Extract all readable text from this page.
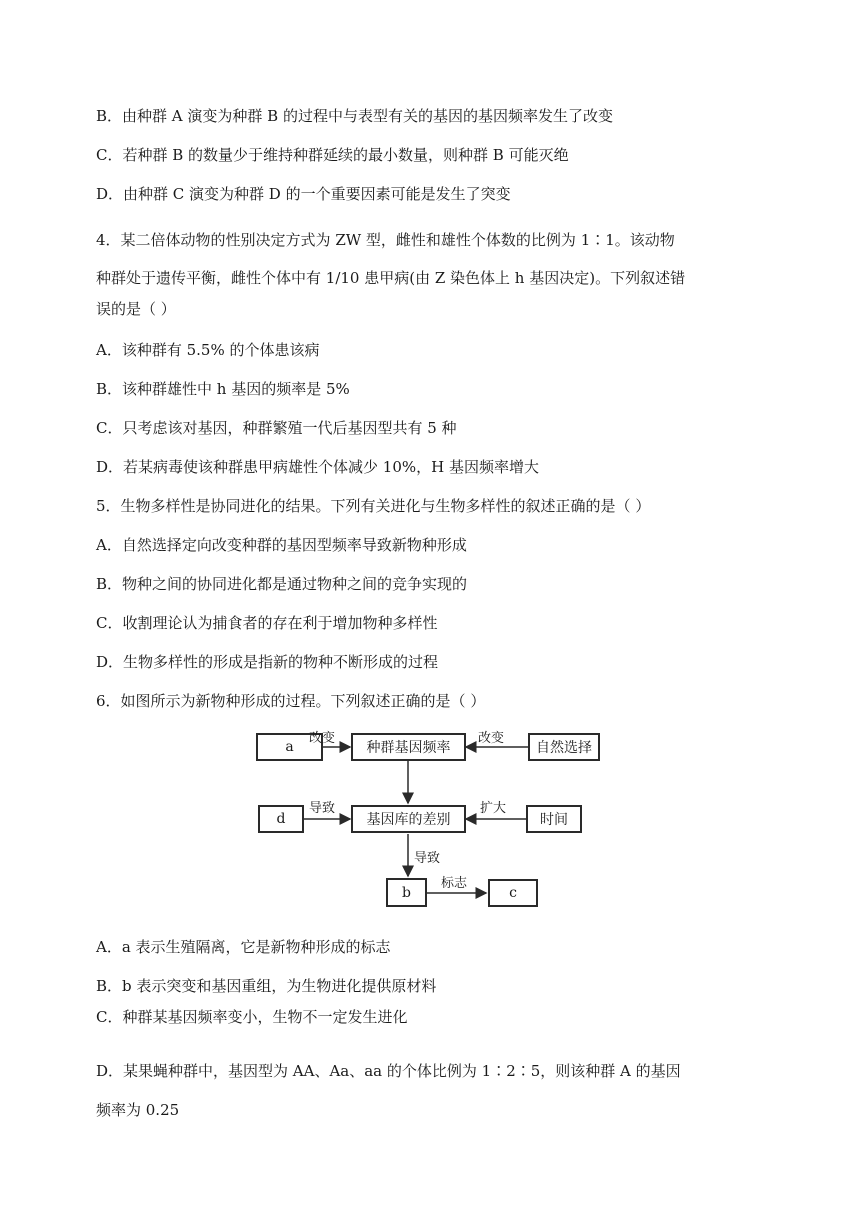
B．由种群 A 演变为种群 B 的过程中与表型有关的基因的基因频率发生了改变
C．若种群 B 的数量少于维持种群延续的最小数量，则种群 B 可能灭绝
D．由种群 C 演变为种群 D 的一个重要因素可能是发生了突变
4．某二倍体动物的性别决定方式为 ZW 型，雌性和雄性个体数的比例为 1∶1。该动物
种群处于遗传平衡，雌性个体中有 1/10 患甲病(由 Z 染色体上 h 基因决定)。下列叙述错
误的是（ ）
A．该种群有 5.5% 的个体患该病
B．该种群雄性中 h 基因的频率是 5%
C．只考虑该对基因，种群繁殖一代后基因型共有 5 种
D．若某病毒使该种群患甲病雄性个体减少 10%，H 基因频率增大
5．生物多样性是协同进化的结果。下列有关进化与生物多样性的叙述正确的是（ ）
A．自然选择定向改变种群的基因型频率导致新物种形成
B．物种之间的协同进化都是通过物种之间的竞争实现的
C．收割理论认为捕食者的存在利于增加物种多样性
D．生物多样性的形成是指新的物种不断形成的过程
6．如图所示为新物种形成的过程。下列叙述正确的是（ ）
A．a 表示生殖隔离，它是新物种形成的标志
B．b 表示突变和基因重组，为生物进化提供原材料
C．种群某基因频率变小，生物不一定发生进化
D．某果蝇种群中，基因型为 AA、Aa、aa 的个体比例为 1∶2∶5，则该种群 A 的基因
频率为 0.25
a	种群基因频率	自然选择
d	基因库的差别	时间
b	c
改变	改变
导致	扩大
导致
标志
